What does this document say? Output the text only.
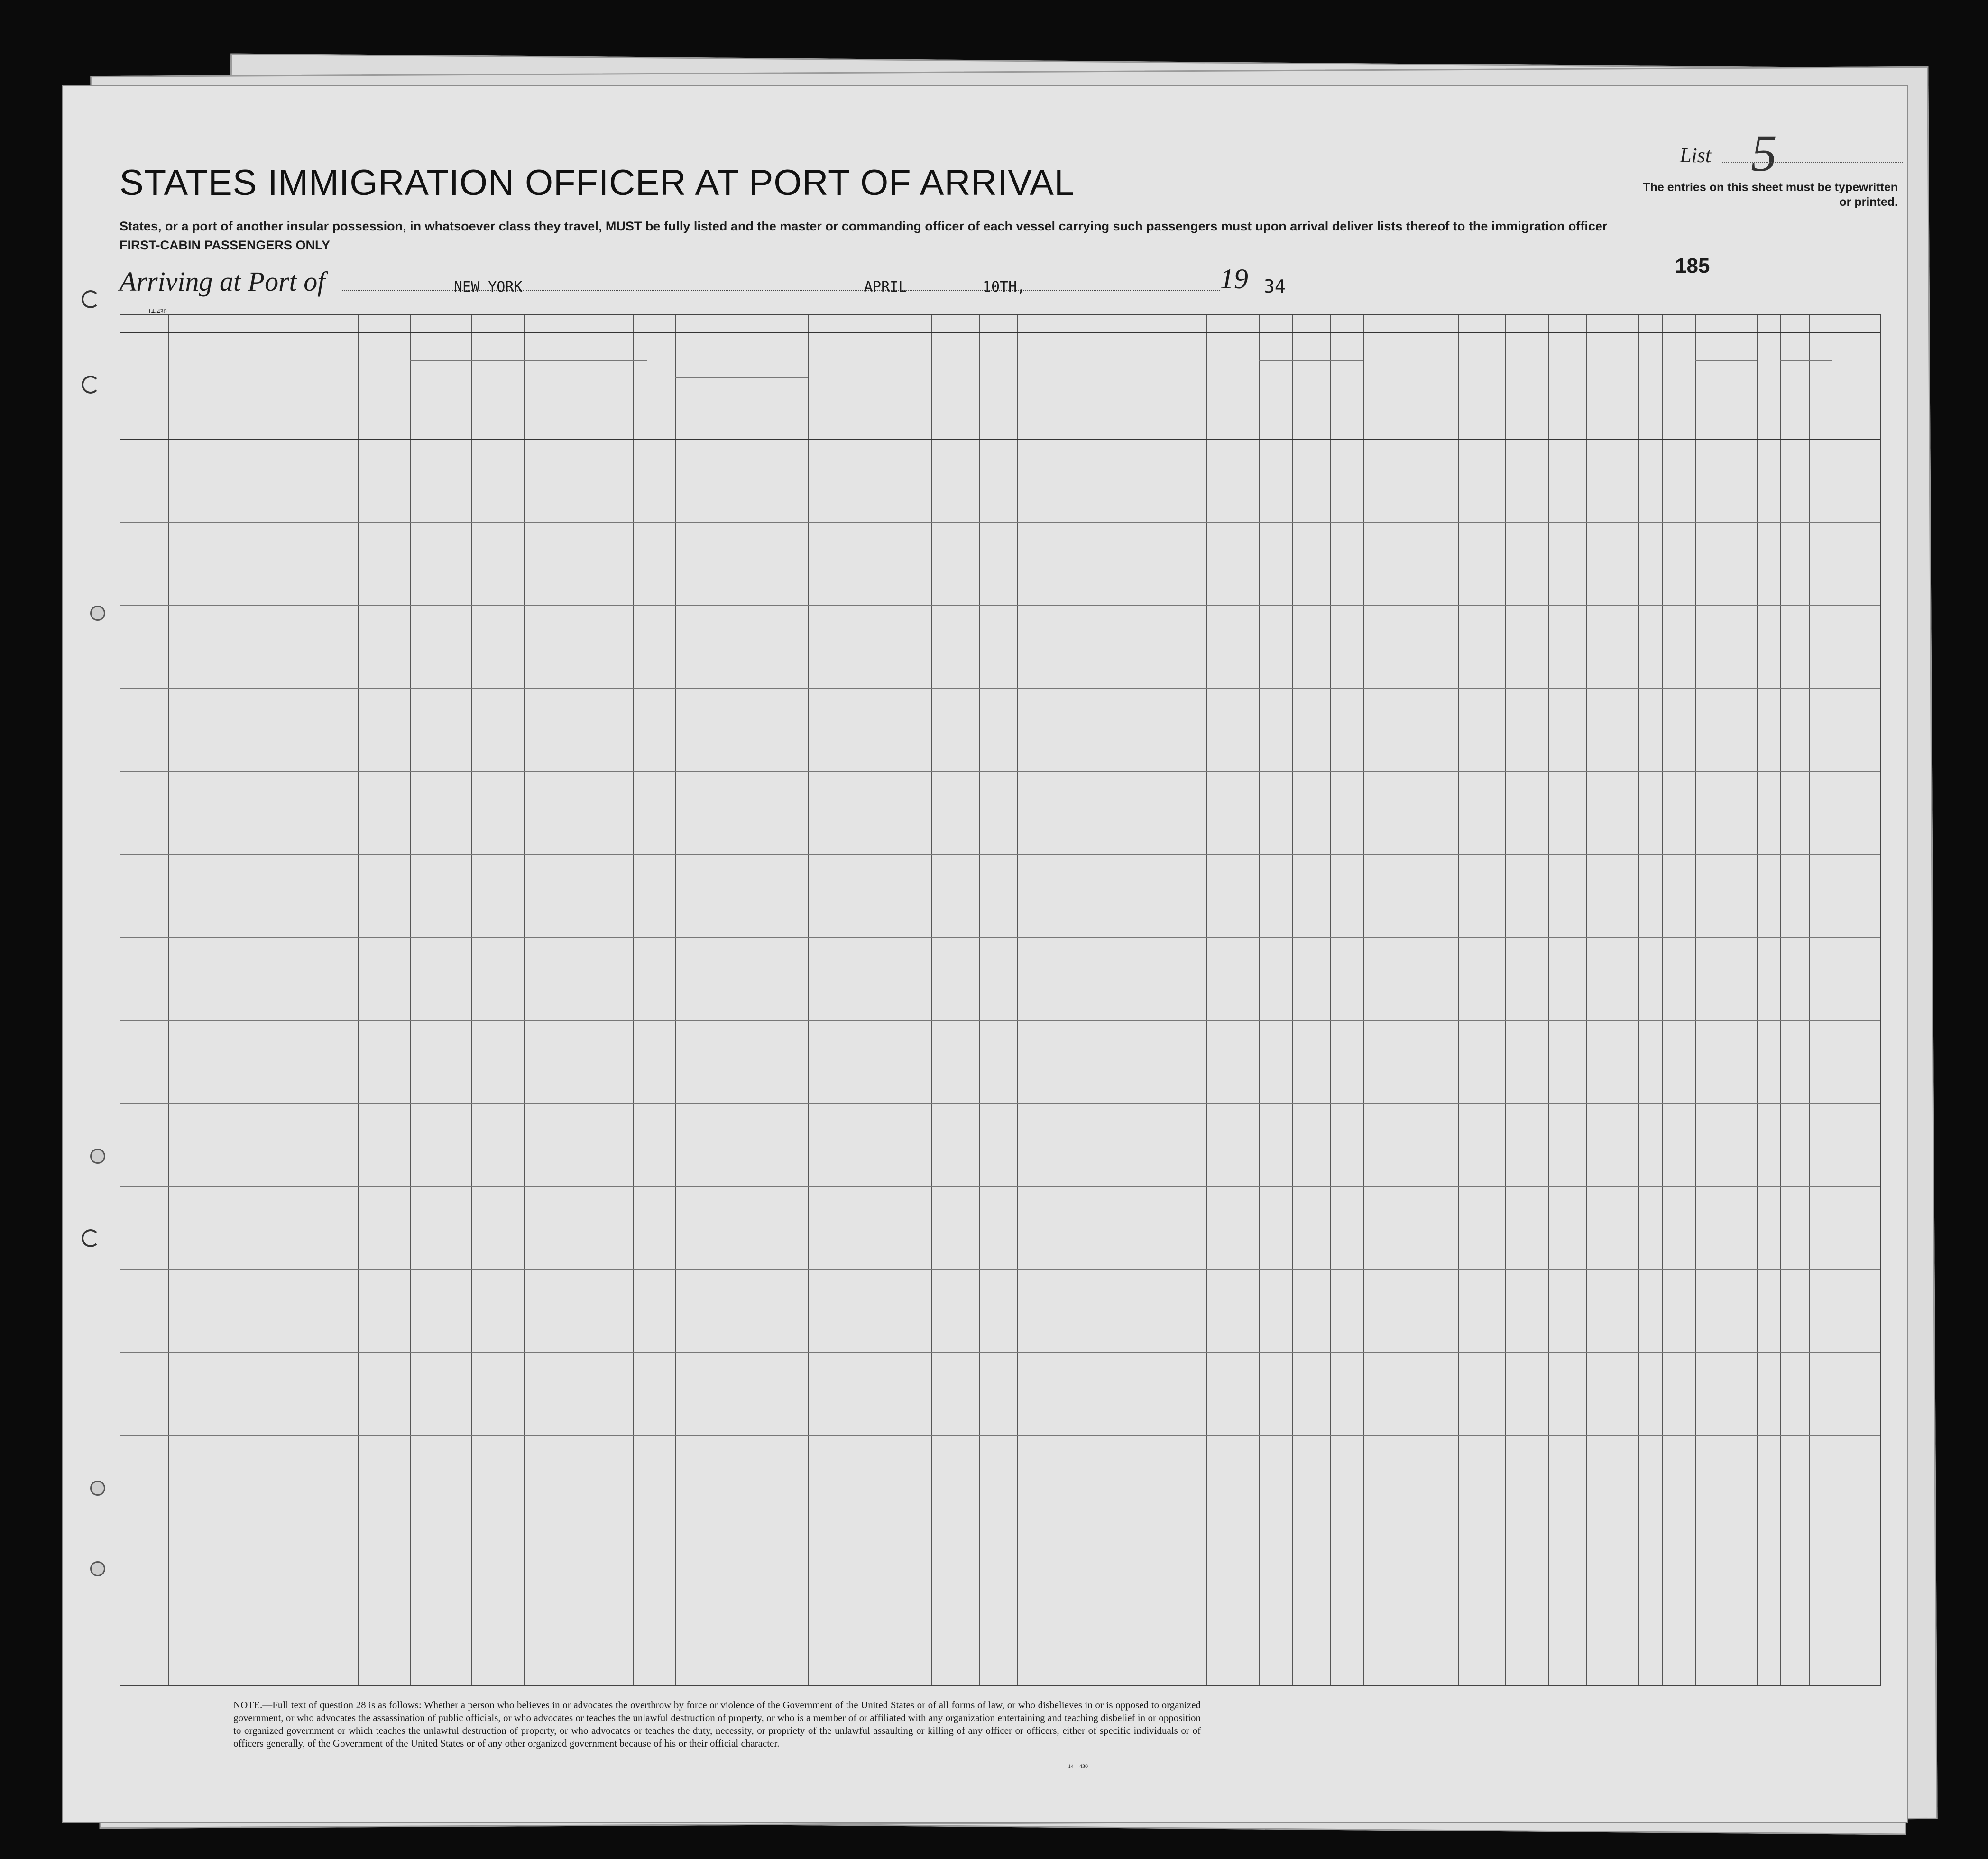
STATES IMMIGRATION OFFICER AT PORT OF ARRIVAL
States, or a port of another insular possession, in whatsoever class they travel, MUST be fully listed and the master or commanding officer of each vessel carrying such passengers must upon arrival deliver lists thereof to the immigration officer
FIRST-CABIN PASSENGERS ONLY
List 5
The entries on this sheet must be typewritten or printed.
Arriving at Port of	NEW YORK	APRIL	10TH,	19 34
185
14-430
NOTE.—Full text of question 28 is as follows: Whether a person who believes in or advocates the overthrow by force or violence of the Government of the United States or of all forms of law, or who disbelieves in or is opposed to organized government, or who advocates the assassination of public officials, or who advocates or teaches the unlawful destruction of property, or who is a member of or affiliated with any organization entertaining and teaching disbelief in or opposition to organized government or which teaches the unlawful destruction of property, or who advocates or teaches the duty, necessity, or propriety of the unlawful assaulting or killing of any officer or officers, either of specific individuals or of officers generally, of the Government of the United States or of any other organized government because of his or their official character.
14—430
